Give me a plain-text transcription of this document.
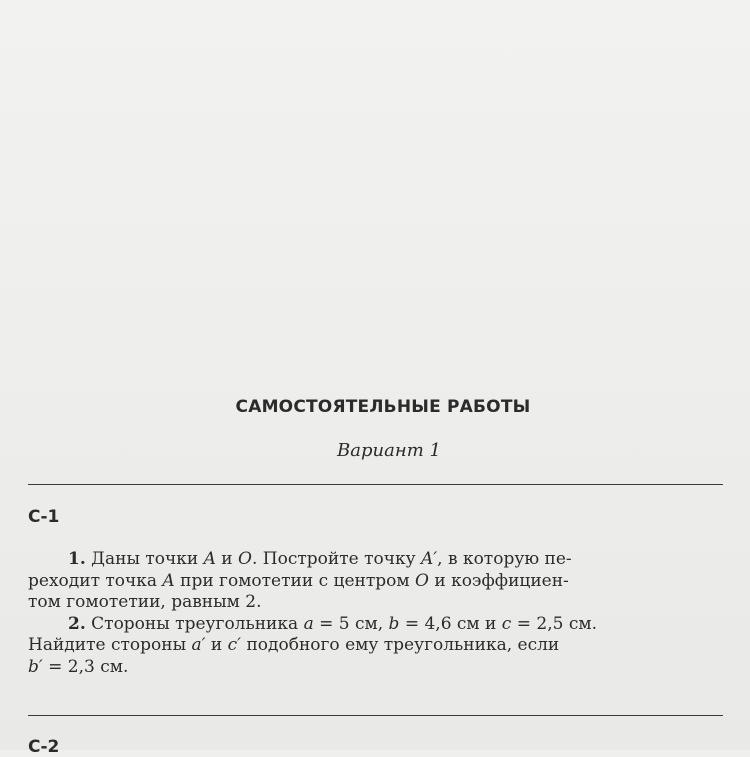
САМОСТОЯТЕЛЬНЫЕ РАБОТЫ
Вариант 1
С-1
1. Даны точки A и O. Постройте точку A′, в которую пе-
реходит точка A при гомотетии с центром O и коэффициен-
том гомотетии, равным 2.
2. Стороны треугольника a = 5 см, b = 4,6 см и c = 2,5 см.
Найдите стороны a′ и c′ подобного ему треугольника, если
b′ = 2,3 см.
С-2
